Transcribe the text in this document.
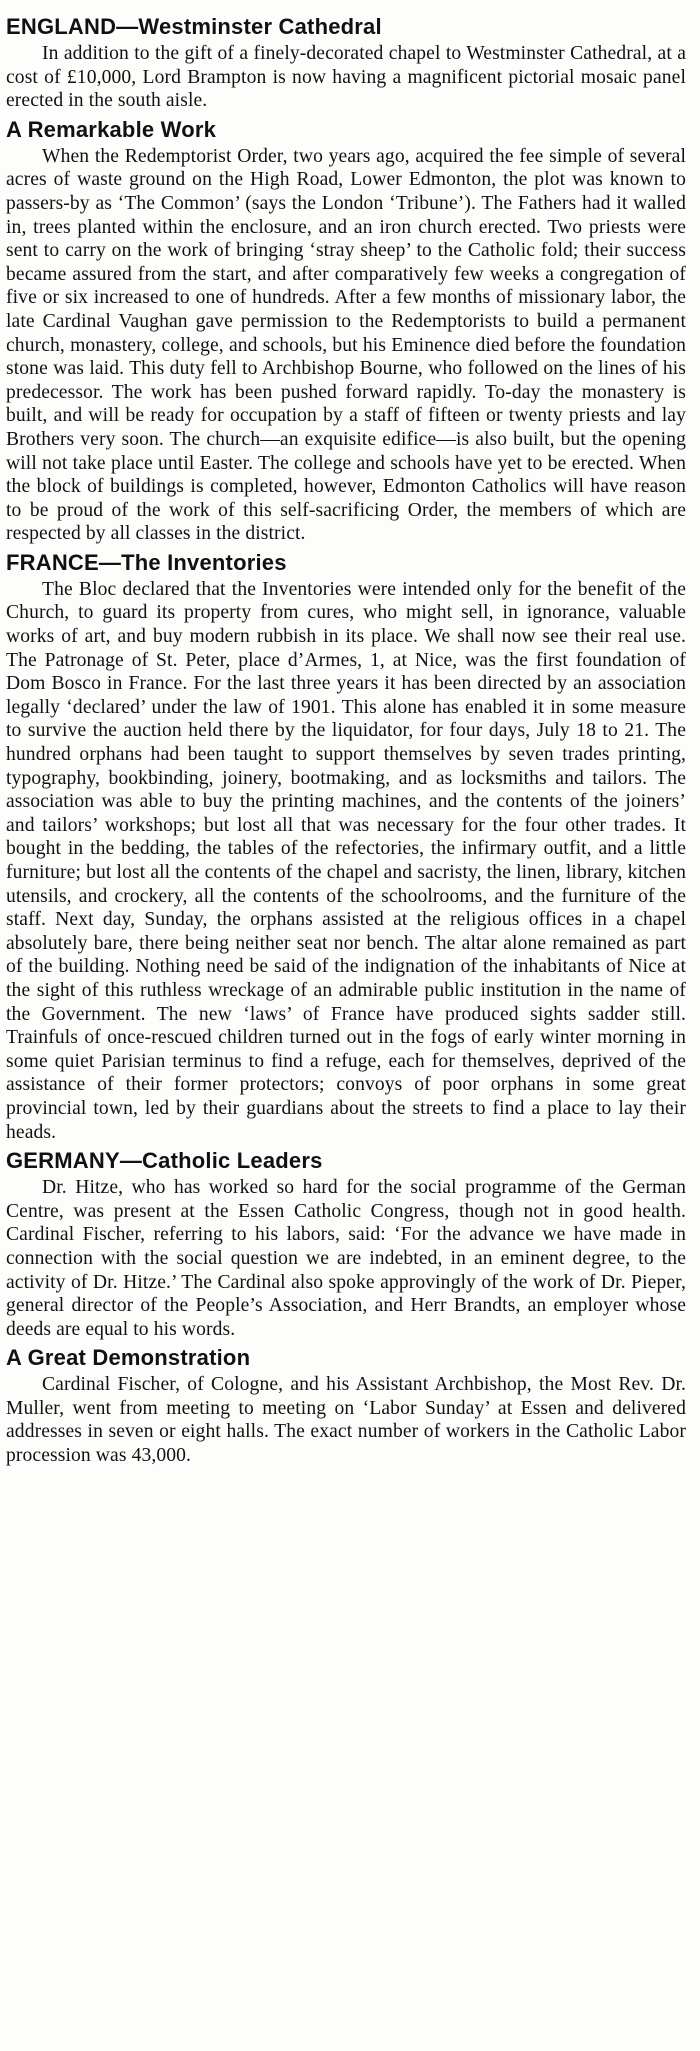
ENGLAND—Westminster Cathedral

In addition to the gift of a finely-decorated chapel to Westminster Cathedral, at a cost of £10,000, Lord Brampton is now having a magnificent pictorial mosaic panel erected in the south aisle.

A Remarkable Work

When the Redemptorist Order, two years ago, acquired the fee simple of several acres of waste ground on the High Road, Lower Edmonton, the plot was known to passers-by as ‘The Common’ (says the London ‘Tribune’). The Fathers had it walled in, trees planted within the enclosure, and an iron church erected. Two priests were sent to carry on the work of bringing ‘stray sheep’ to the Catholic fold; their success became assured from the start, and after comparatively few weeks a congregation of five or six increased to one of hundreds. After a few months of missionary labor, the late Cardinal Vaughan gave permission to the Redemptorists to build a permanent church, monastery, college, and schools, but his Eminence died before the foundation stone was laid. This duty fell to Archbishop Bourne, who followed on the lines of his predecessor. The work has been pushed forward rapidly. To-day the monastery is built, and will be ready for occupation by a staff of fifteen or twenty priests and lay Brothers very soon. The church—an exquisite edifice—is also built, but the opening will not take place until Easter. The college and schools have yet to be erected. When the block of buildings is completed, however, Edmonton Catholics will have reason to be proud of the work of this self-sacrificing Order, the members of which are respected by all classes in the district.

FRANCE—The Inventories

The Bloc declared that the Inventories were intended only for the benefit of the Church, to guard its property from cures, who might sell, in ignorance, valuable works of art, and buy modern rubbish in its place. We shall now see their real use. The Patronage of St. Peter, place d’Armes, 1, at Nice, was the first foundation of Dom Bosco in France. For the last three years it has been directed by an association legally ‘declared’ under the law of 1901. This alone has enabled it in some measure to survive the auction held there by the liquidator, for four days, July 18 to 21. The hundred orphans had been taught to support themselves by seven trades printing, typography, bookbinding, joinery, bootmaking, and as locksmiths and tailors. The association was able to buy the printing machines, and the contents of the joiners’ and tailors’ workshops; but lost all that was necessary for the four other trades. It bought in the bedding, the tables of the refectories, the infirmary outfit, and a little furniture; but lost all the contents of the chapel and sacristy, the linen, library, kitchen utensils, and crockery, all the contents of the schoolrooms, and the furniture of the staff. Next day, Sunday, the orphans assisted at the religious offices in a chapel absolutely bare, there being neither seat nor bench. The altar alone remained as part of the building. Nothing need be said of the indignation of the inhabitants of Nice at the sight of this ruthless wreckage of an admirable public institution in the name of the Government. The new ‘laws’ of France have produced sights sadder still. Trainfuls of once-rescued children turned out in the fogs of early winter morning in some quiet Parisian terminus to find a refuge, each for themselves, deprived of the assistance of their former protectors; convoys of poor orphans in some great provincial town, led by their guardians about the streets to find a place to lay their heads.

GERMANY—Catholic Leaders

Dr. Hitze, who has worked so hard for the social programme of the German Centre, was present at the Essen Catholic Congress, though not in good health. Cardinal Fischer, referring to his labors, said: ‘For the advance we have made in connection with the social question we are indebted, in an eminent degree, to the activity of Dr. Hitze.’ The Cardinal also spoke approvingly of the work of Dr. Pieper, general director of the People’s Association, and Herr Brandts, an employer whose deeds are equal to his words.

A Great Demonstration

Cardinal Fischer, of Cologne, and his Assistant Archbishop, the Most Rev. Dr. Muller, went from meeting to meeting on ‘Labor Sunday’ at Essen and delivered addresses in seven or eight halls. The exact number of workers in the Catholic Labor procession was 43,000.
